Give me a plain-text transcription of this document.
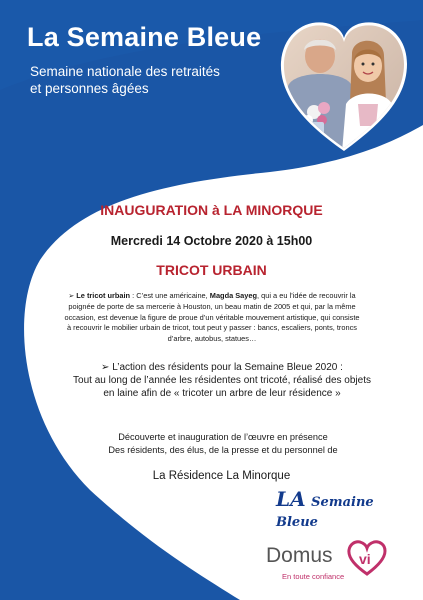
La Semaine Bleue
Semaine nationale des retraités
et personnes âgées
INAUGURATION à LA MINORQUE
Mercredi 14 Octobre 2020 à 15h00
TRICOT URBAIN
➢ Le tricot urbain : C’est une américaine, Magda Sayeg, qui a eu l’idée de recouvrir la poignée de porte de sa mercerie à Houston, un beau matin de 2005 et qui, par la même occasion, est devenue la figure de proue d’un véritable mouvement artistique, qui consiste à recouvrir le mobilier urbain de tricot, tout peut y passer : bancs, escaliers, ponts, troncs d’arbre, autobus, statues…
➢ L’action des résidents pour la Semaine Bleue 2020 :
Tout au long de l’année les résidentes ont tricoté, réalisé des objets en laine afin de « tricoter un arbre de leur résidence »
Découverte et inauguration de l’œuvre en présence
Des résidents, des élus, de la presse et du personnel de
La Résidence La Minorque
LA Semaine Bleue
Domus vi
En toute confiance
